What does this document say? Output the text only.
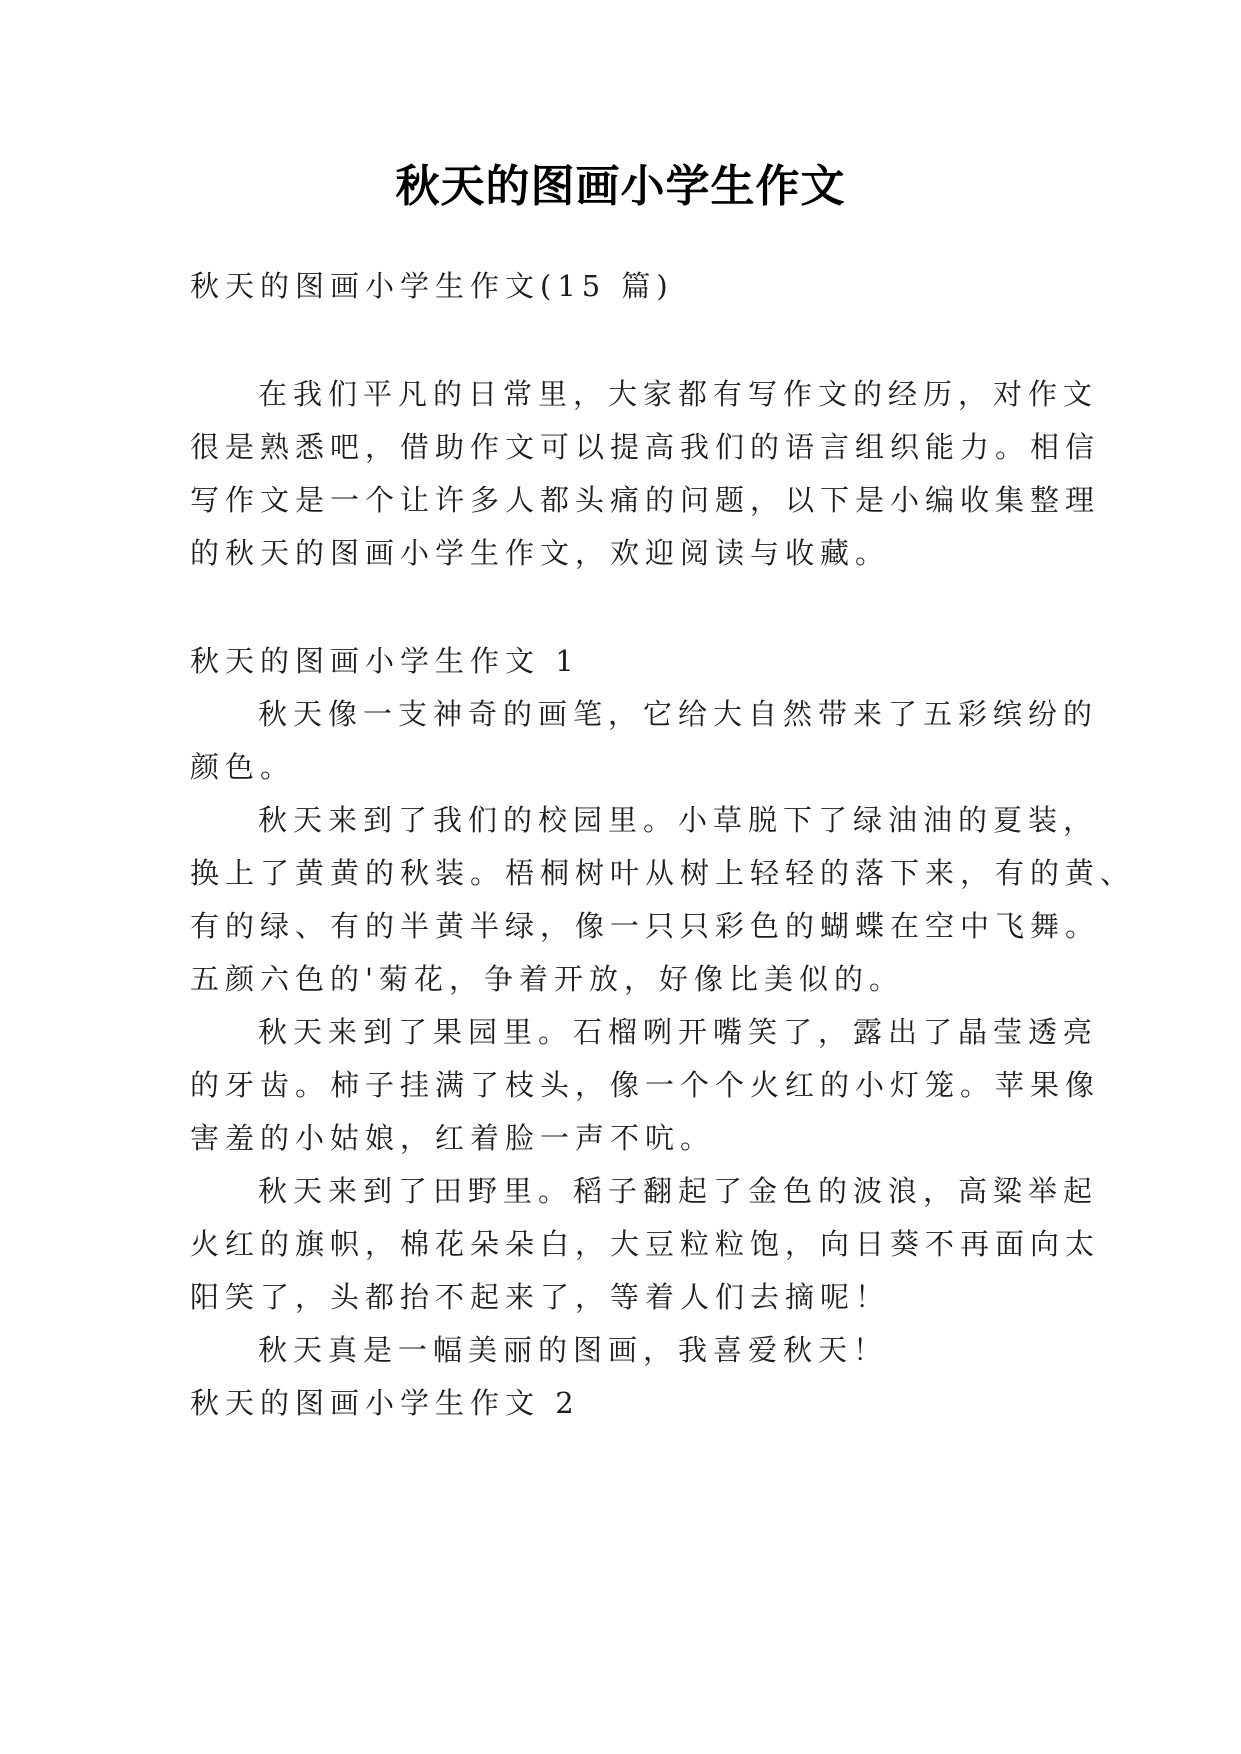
秋天的图画小学生作文
秋天的图画小学生作文(15 篇)
在我们平凡的日常里，大家都有写作文的经历，对作文
很是熟悉吧，借助作文可以提高我们的语言组织能力。相信
写作文是一个让许多人都头痛的问题，以下是小编收集整理
的秋天的图画小学生作文，欢迎阅读与收藏。
秋天的图画小学生作文 1
秋天像一支神奇的画笔，它给大自然带来了五彩缤纷的
颜色。
秋天来到了我们的校园里。小草脱下了绿油油的夏装，
换上了黄黄的秋装。梧桐树叶从树上轻轻的落下来，有的黄、
有的绿、有的半黄半绿，像一只只彩色的蝴蝶在空中飞舞。
五颜六色的'菊花，争着开放，好像比美似的。
秋天来到了果园里。石榴咧开嘴笑了，露出了晶莹透亮
的牙齿。柿子挂满了枝头，像一个个火红的小灯笼。苹果像
害羞的小姑娘，红着脸一声不吭。
秋天来到了田野里。稻子翻起了金色的波浪，高粱举起
火红的旗帜，棉花朵朵白，大豆粒粒饱，向日葵不再面向太
阳笑了，头都抬不起来了，等着人们去摘呢！
秋天真是一幅美丽的图画，我喜爱秋天！
秋天的图画小学生作文 2
